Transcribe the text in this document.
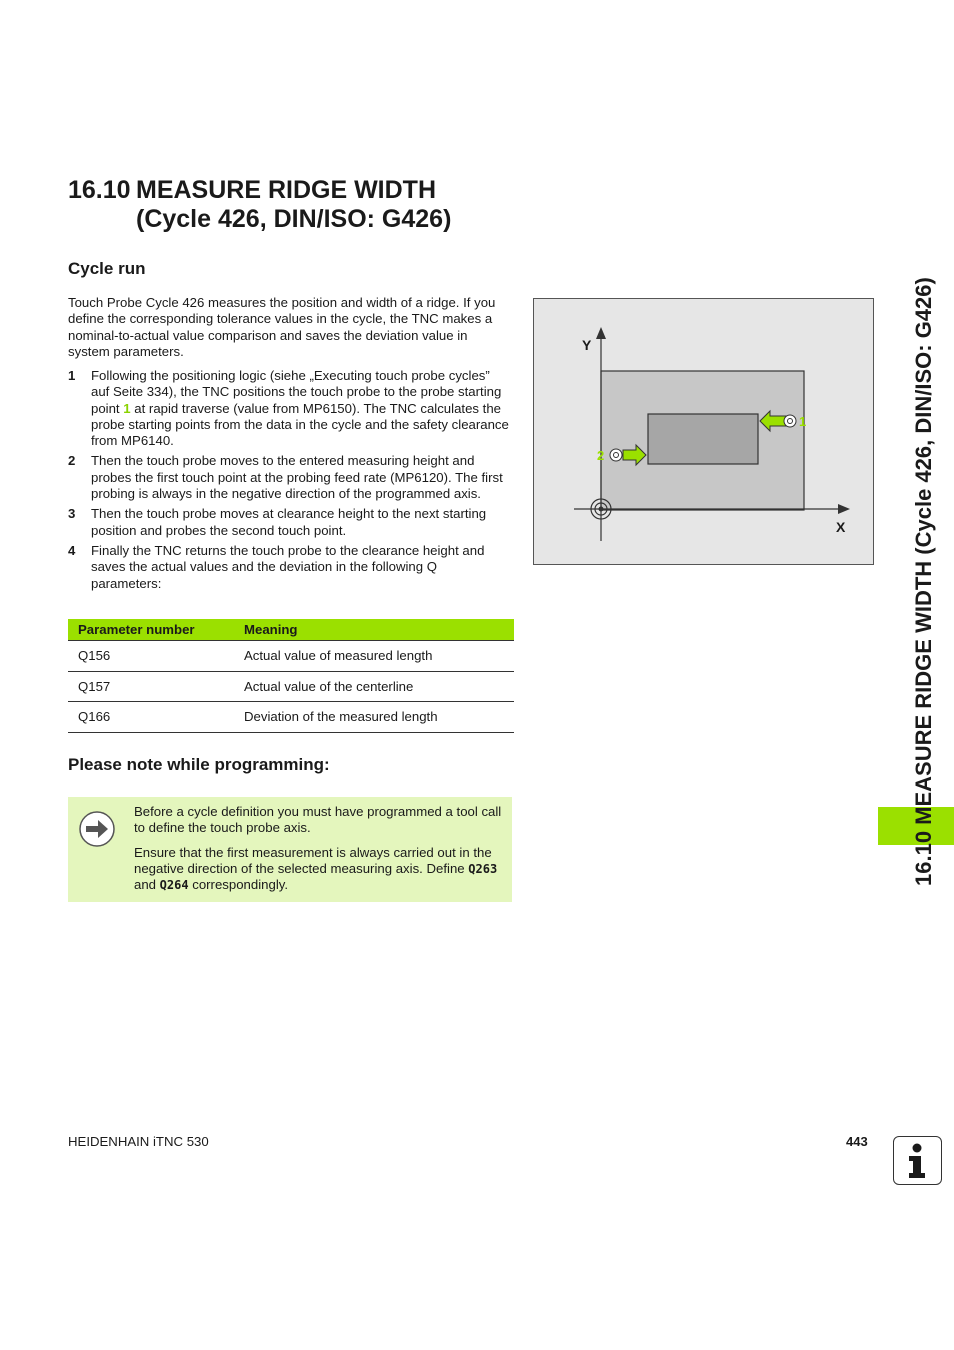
16.10 MEASURE RIDGE WIDTH
(Cycle 426, DIN/ISO: G426)
Cycle run

Touch Probe Cycle 426 measures the position and width of a ridge. If you define the corresponding tolerance values in the cycle, the TNC makes a nominal-to-actual value comparison and saves the deviation value in system parameters.

1 Following the positioning logic (siehe „Executing touch probe cycles” auf Seite 334), the TNC positions the touch probe to the probe starting point 1 at rapid traverse (value from MP6150). The TNC calculates the probe starting points from the data in the cycle and the safety clearance from MP6140.
2 Then the touch probe moves to the entered measuring height and probes the first touch point at the probing feed rate (MP6120). The first probing is always in the negative direction of the programmed axis.
3 Then the touch probe moves at clearance height to the next starting position and probes the second touch point.
4 Finally the TNC returns the touch probe to the clearance height and saves the actual values and the deviation in the following Q parameters:
Parameter number	Meaning
Q156	Actual value of measured length
Q157	Actual value of the centerline
Q166	Deviation of the measured length
Please note while programming:

Before a cycle definition you must have programmed a tool call to define the touch probe axis.

Ensure that the first measurement is always carried out in the negative direction of the selected measuring axis. Define Q263 and Q264 correspondingly.

Y
X
1
2	16.10 MEASURE RIDGE WIDTH (Cycle 426, DIN/ISO: G426)
HEIDENHAIN iTNC 530	443
